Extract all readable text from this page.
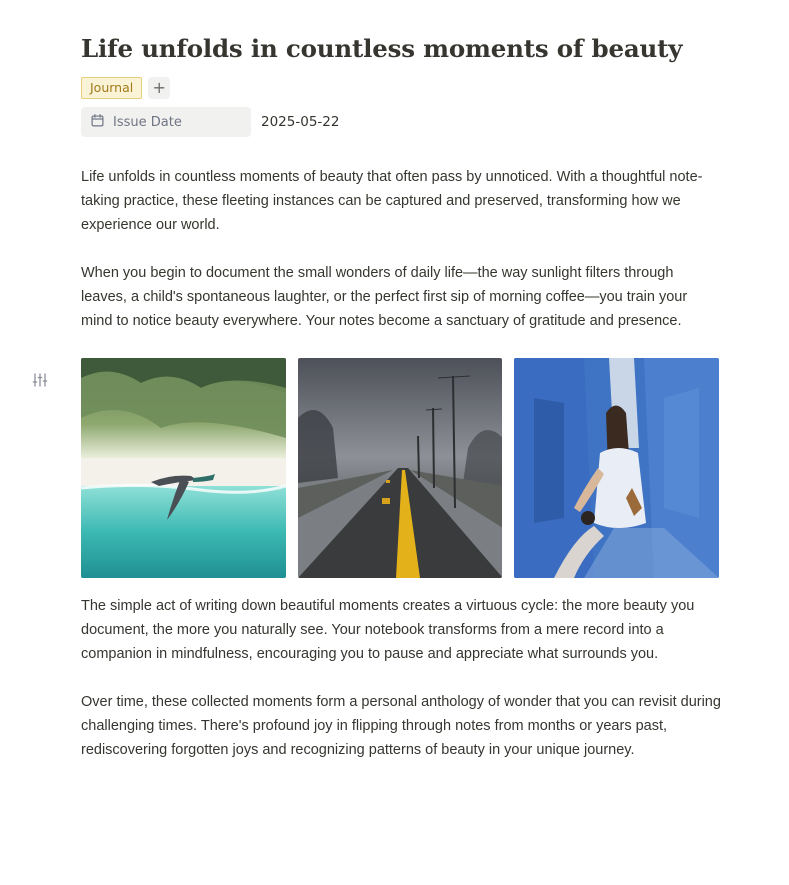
Life unfolds in countless moments of beauty
Journal	+
Issue Date	2025-05-22

Life unfolds in countless moments of beauty that often pass by unnoticed. With a thoughtful note-taking practice, these fleeting instances can be captured and preserved, transforming how we experience our world.

When you begin to document the small wonders of daily life—the way sunlight filters through leaves, a child's spontaneous laughter, or the perfect first sip of morning coffee—you train your mind to notice beauty everywhere. Your notes become a sanctuary of gratitude and presence.

The simple act of writing down beautiful moments creates a virtuous cycle: the more beauty you document, the more you naturally see. Your notebook transforms from a mere record into a companion in mindfulness, encouraging you to pause and appreciate what surrounds you.

Over time, these collected moments form a personal anthology of wonder that you can revisit during challenging times. There's profound joy in flipping through notes from months or years past, rediscovering forgotten joys and recognizing patterns of beauty in your unique journey.
